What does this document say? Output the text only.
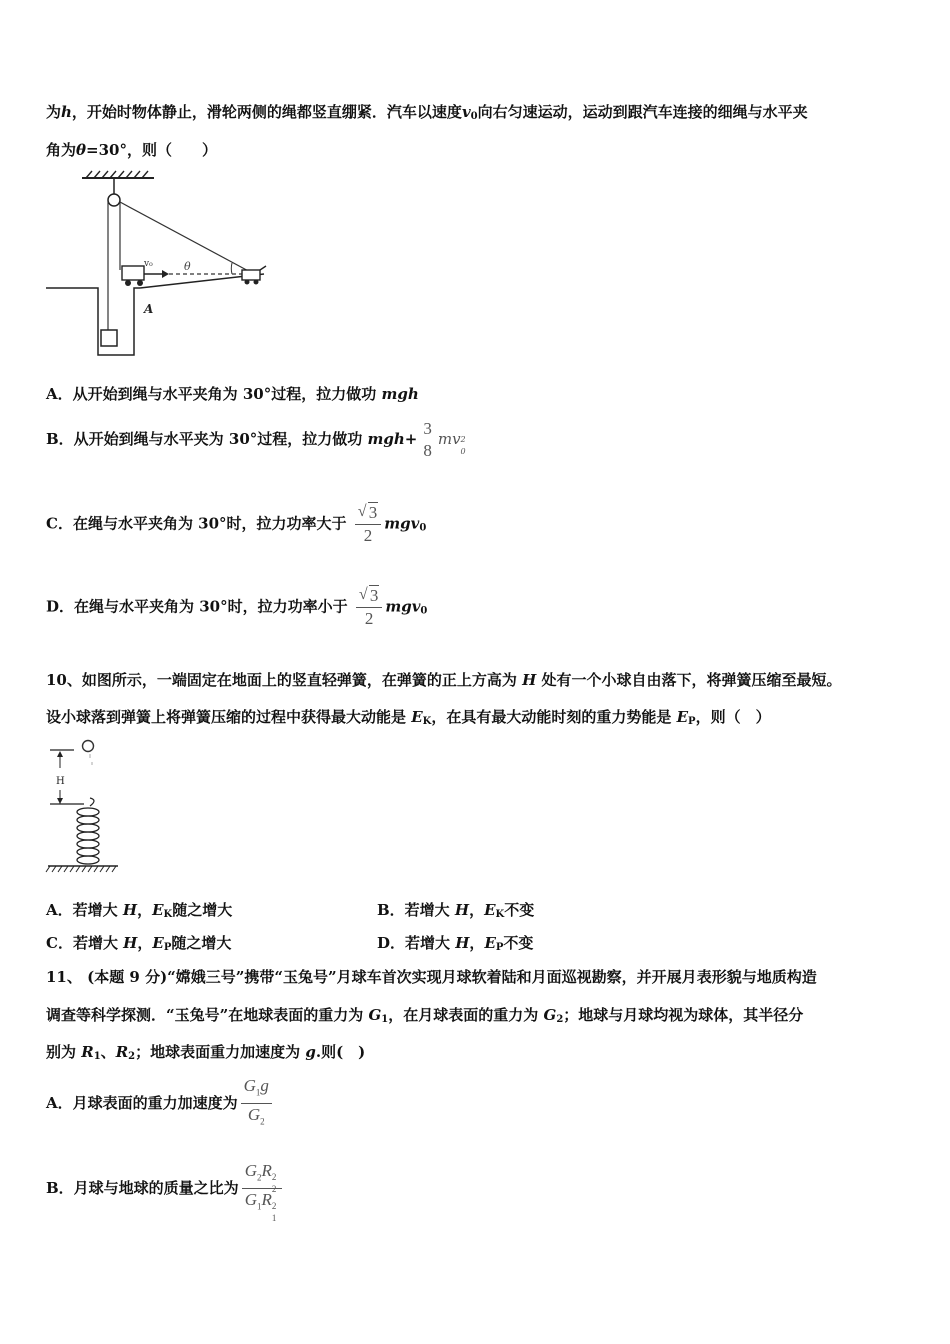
为h，开始时物体静止，滑轮两侧的绳都竖直绷紧．汽车以速度$v_0$向右匀速运动，运动到跟汽车连接的细绳与水平夹
角为θ=30°，则（　　）
v₀	θ
A
A．从开始到绳与水平夹角为 30°过程，拉力做功 mgh
B．从开始到绳与水平夹为 30°过程，拉力做功 mgh+
3
8
mv 2
0
C．在绳与水平夹角为 30°时，拉力功率大于 $\frac{√ 3}{2} mgv_0$
D．在绳与水平夹角为 30°时，拉力功率小于 $\frac{√ 3}{2} mgv_0$
10、如图所示，一端固定在地面上的竖直轻弹簧，在弹簧的正上方高为 H 处有一个小球自由落下，将弹簧压缩至最短。
设小球落到弹簧上将弹簧压缩的过程中获得最大动能是 $E_K$，在具有最大动能时刻的重力势能是 $E_P$，则（　）
H
A．若增大 H，$E_K$随之增大	B．若增大 H，$E_K$不变
C．若增大 H，$E_P$随之增大	D．若增大 H，$E_P$不变
11、 (本题 9 分)“嫦娥三号”携带“玉兔号”月球车首次实现月球软着陆和月面巡视勘察，并开展月表形貌与地质构造
调查等科学探测．“玉兔号”在地球表面的重力为 $G_1$，在月球表面的重力为 $G_2$；地球与月球均视为球体，其半径分
别为 $R_1$、$R_2$；地球表面重力加速度为 g.则(　)
A．月球表面的重力加速度为 $\frac{G_1g}{G_2}$
B．月球与地球的质量之比为 $G_2R$ 2
2
$G_1R$ 2
1
